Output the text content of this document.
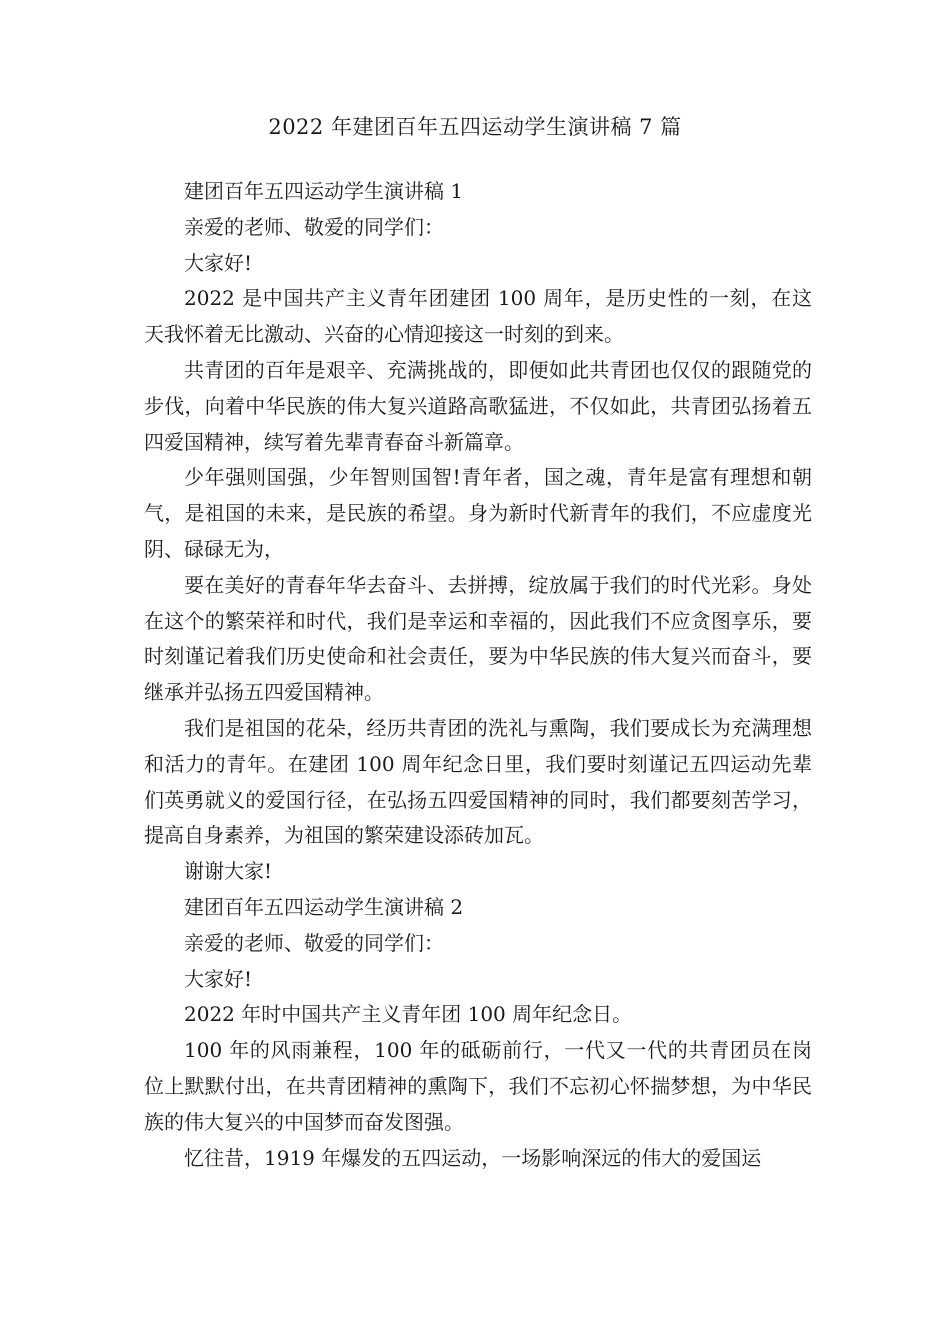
2022 年建团百年五四运动学生演讲稿 7 篇

建团百年五四运动学生演讲稿 1

亲爱的老师、敬爱的同学们：

大家好!

2022 是中国共产主义青年团建团 100 周年，是历史性的一刻，在这天我怀着无比激动、兴奋的心情迎接这一时刻的到来。

共青团的百年是艰辛、充满挑战的，即便如此共青团也仅仅的跟随党的步伐，向着中华民族的伟大复兴道路高歌猛进，不仅如此，共青团弘扬着五四爱国精神，续写着先辈青春奋斗新篇章。

少年强则国强，少年智则国智!青年者，国之魂，青年是富有理想和朝气，是祖国的未来，是民族的希望。身为新时代新青年的我们，不应虚度光阴、碌碌无为，

要在美好的青春年华去奋斗、去拼搏，绽放属于我们的时代光彩。身处在这个的繁荣祥和时代，我们是幸运和幸福的，因此我们不应贪图享乐，要时刻谨记着我们历史使命和社会责任，要为中华民族的伟大复兴而奋斗，要继承并弘扬五四爱国精神。

我们是祖国的花朵，经历共青团的洗礼与熏陶，我们要成长为充满理想和活力的青年。在建团 100 周年纪念日里，我们要时刻谨记五四运动先辈们英勇就义的爱国行径，在弘扬五四爱国精神的同时，我们都要刻苦学习，提高自身素养，为祖国的繁荣建设添砖加瓦。

谢谢大家!

建团百年五四运动学生演讲稿 2

亲爱的老师、敬爱的同学们：

大家好!

2022 年时中国共产主义青年团 100 周年纪念日。

100 年的风雨兼程，100 年的砥砺前行，一代又一代的共青团员在岗位上默默付出，在共青团精神的熏陶下，我们不忘初心怀揣梦想，为中华民族的伟大复兴的中国梦而奋发图强。

忆往昔，1919 年爆发的五四运动，一场影响深远的伟大的爱国运
